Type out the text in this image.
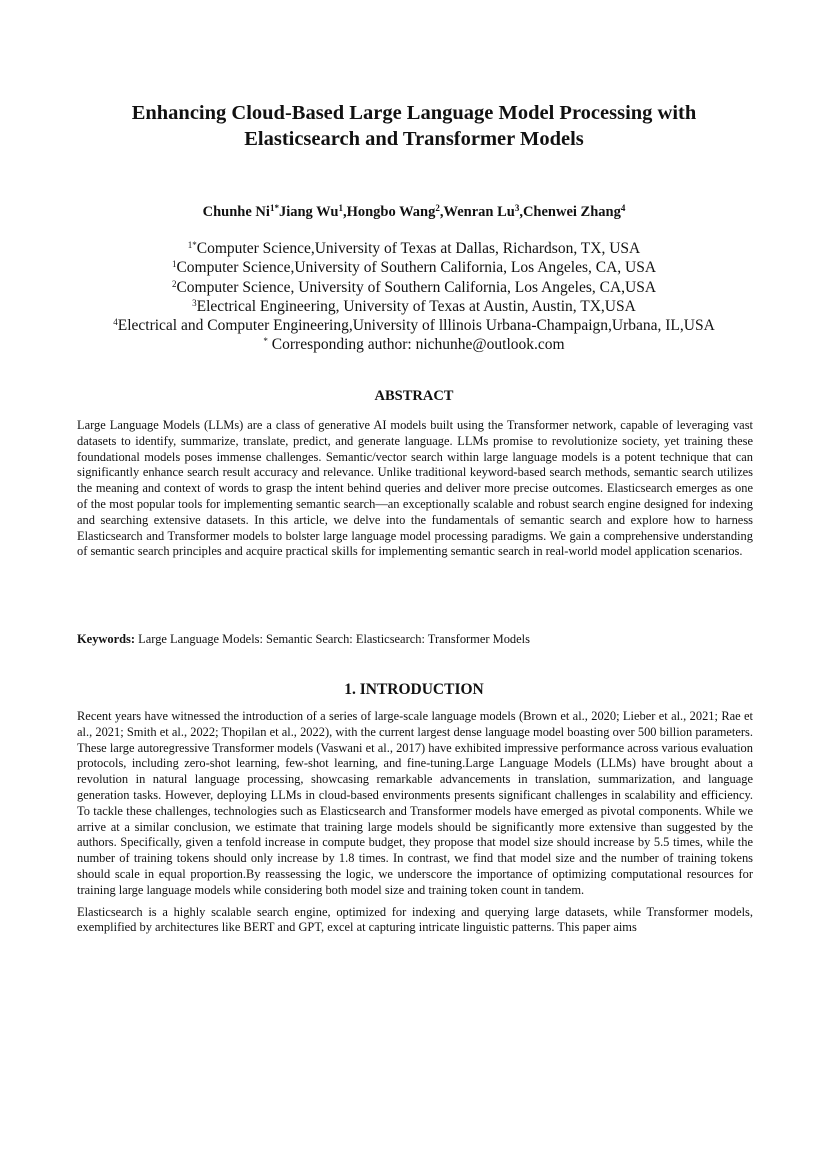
Enhancing Cloud-Based Large Language Model Processing with
Elasticsearch and Transformer Models
Chunhe $Ni^{1*}Jiang$ Wu$^1$,Hongbo Wang$^2$,Wenran Lu$^3$,Chenwei Zhang$^4$
$^{1*}$Computer Science,University of Texas at Dallas, Richardson, TX, USA
$^1$Computer Science,University of Southern California, Los Angeles, CA, USA
$^2$Computer Science, University of Southern California, Los Angeles, CA,USA
$^3$Electrical Engineering, University of Texas at Austin, Austin, TX,USA
$^4$Electrical and Computer Engineering,University of lllinois Urbana-Champaign,Urbana, IL,USA
* Corresponding author: nichunhe@outlook.com
ABSTRACT

Large Language Models (LLMs) are a class of generative AI models built using the Transformer network, capable of leveraging vast datasets to identify, summarize, translate, predict, and generate language. LLMs promise to revolutionize society, yet training these foundational models poses immense challenges. Semantic/vector search within large language models is a potent technique that can significantly enhance search result accuracy and relevance. Unlike traditional keyword-based search methods, semantic search utilizes the meaning and context of words to grasp the intent behind queries and deliver more precise outcomes. Elasticsearch emerges as one of the most popular tools for implementing semantic search—an exceptionally scalable and robust search engine designed for indexing and searching extensive datasets. In this article, we delve into the fundamentals of semantic search and explore how to harness Elasticsearch and Transformer models to bolster large language model processing paradigms. We gain a comprehensive understanding of semantic search principles and acquire practical skills for implementing semantic search in real-world model application scenarios.

Keywords: Large Language Models: Semantic Search: Elasticsearch: Transformer Models
1. INTRODUCTION

Recent years have witnessed the introduction of a series of large-scale language models (Brown et al., 2020; Lieber et al., 2021; Rae et al., 2021; Smith et al., 2022; Thopilan et al., 2022), with the current largest dense language model boasting over 500 billion parameters. These large autoregressive Transformer models (Vaswani et al., 2017) have exhibited impressive performance across various evaluation protocols, including zero-shot learning, few-shot learning, and fine-tuning.Large Language Models (LLMs) have brought about a revolution in natural language processing, showcasing remarkable advancements in translation, summarization, and language generation tasks. However, deploying LLMs in cloud-based environments presents significant challenges in scalability and efficiency. To tackle these challenges, technologies such as Elasticsearch and Transformer models have emerged as pivotal components. While we arrive at a similar conclusion, we estimate that training large models should be significantly more extensive than suggested by the authors. Specifically, given a tenfold increase in compute budget, they propose that model size should increase by 5.5 times, while the number of training tokens should only increase by 1.8 times. In contrast, we find that model size and the number of training tokens should scale in equal proportion.By reassessing the logic, we underscore the importance of optimizing computational resources for training large language models while considering both model size and training token count in tandem.

Elasticsearch is a highly scalable search engine, optimized for indexing and querying large datasets, while Transformer models, exemplified by architectures like BERT and GPT, excel at capturing intricate linguistic patterns. This paper aims
